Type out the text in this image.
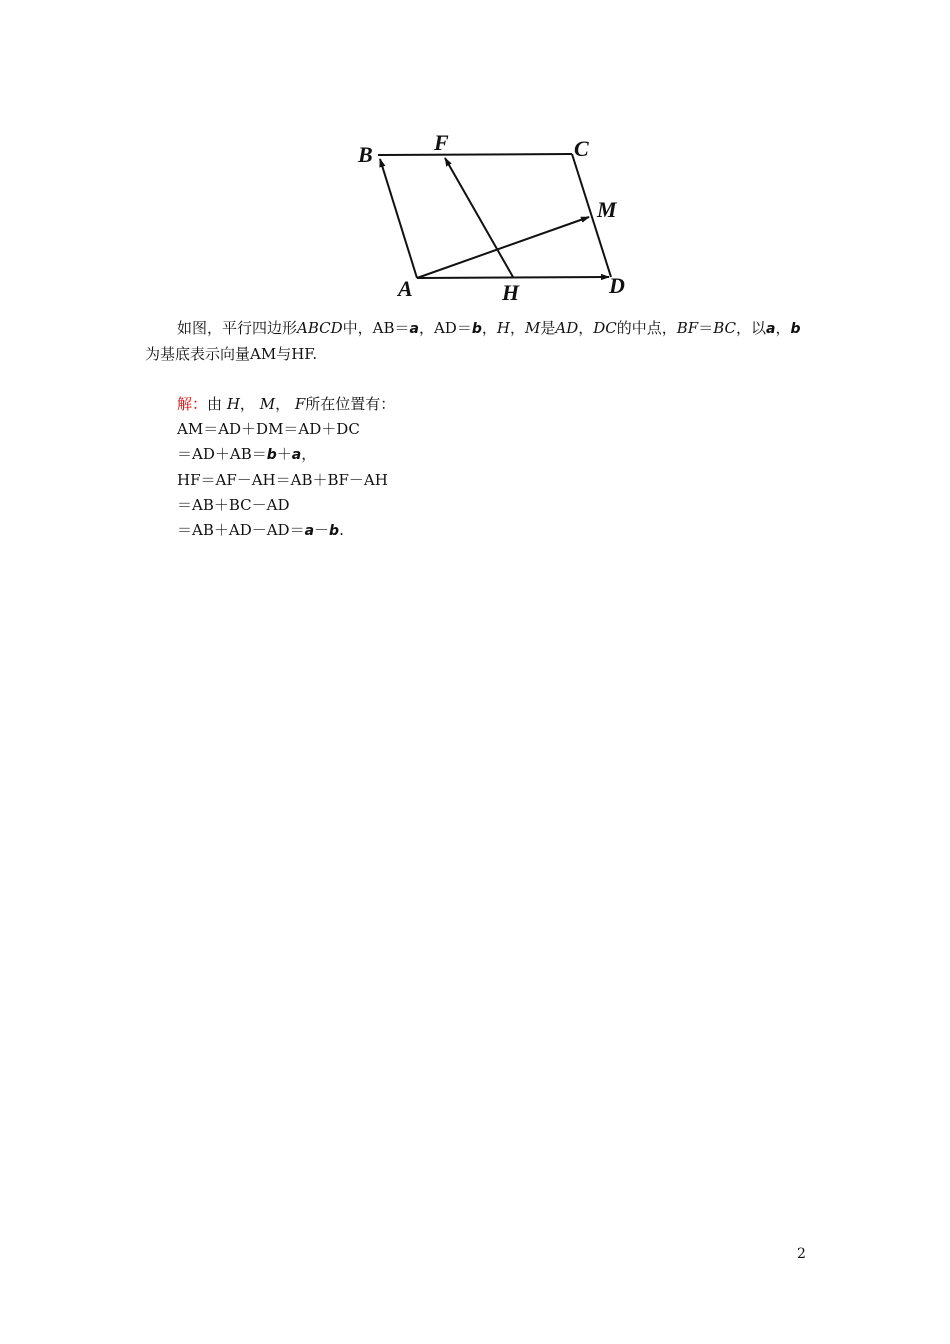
B	F	C
M
A	H	D

如图，平行四边形ABCD中，AB＝a，AD＝b，H，M是AD，DC的中点，BF＝BC，以a，b为基底表示向量AM与HF.

解：由 H， M， F所在位置有：
AM＝AD＋DM＝AD＋DC
＝AD＋AB＝b＋a，
HF＝AF－AH＝AB＋BF－AH
＝AB＋BC－AD
＝AB＋AD－AD＝a－b.
2
